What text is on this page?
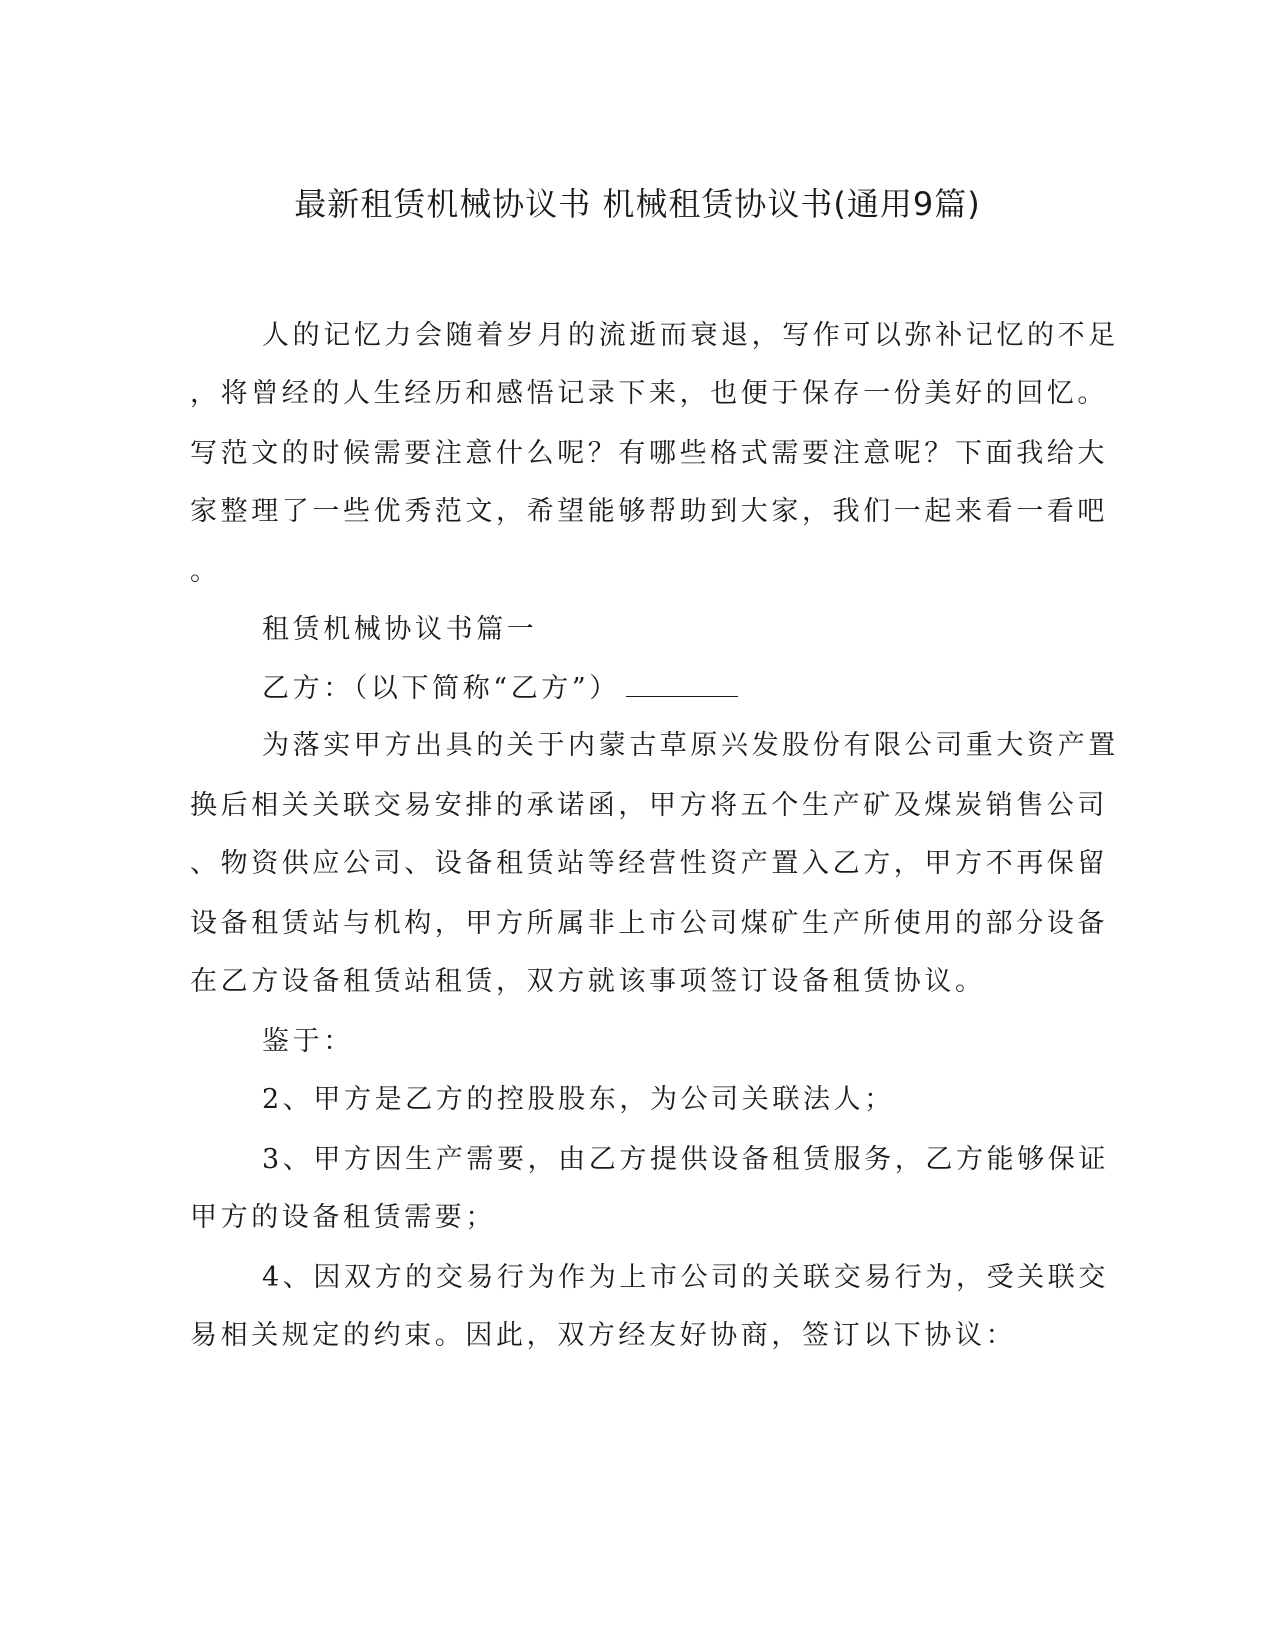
最新租赁机械协议书 机械租赁协议书(通用9篇)

人的记忆力会随着岁月的流逝而衰退，写作可以弥补记忆的不足

，将曾经的人生经历和感悟记录下来，也便于保存一份美好的回忆。

写范文的时候需要注意什么呢？有哪些格式需要注意呢？下面我给大

家整理了一些优秀范文，希望能够帮助到大家，我们一起来看一看吧

。

租赁机械协议书篇一

乙方：（以下简称“乙方”）

为落实甲方出具的关于内蒙古草原兴发股份有限公司重大资产置

换后相关关联交易安排的承诺函，甲方将五个生产矿及煤炭销售公司

、物资供应公司、设备租赁站等经营性资产置入乙方，甲方不再保留

设备租赁站与机构，甲方所属非上市公司煤矿生产所使用的部分设备

在乙方设备租赁站租赁，双方就该事项签订设备租赁协议。

鉴于：

2、甲方是乙方的控股股东，为公司关联法人；

3、甲方因生产需要，由乙方提供设备租赁服务，乙方能够保证

甲方的设备租赁需要；

4、因双方的交易行为作为上市公司的关联交易行为，受关联交

易相关规定的约束。因此，双方经友好协商，签订以下协议：
